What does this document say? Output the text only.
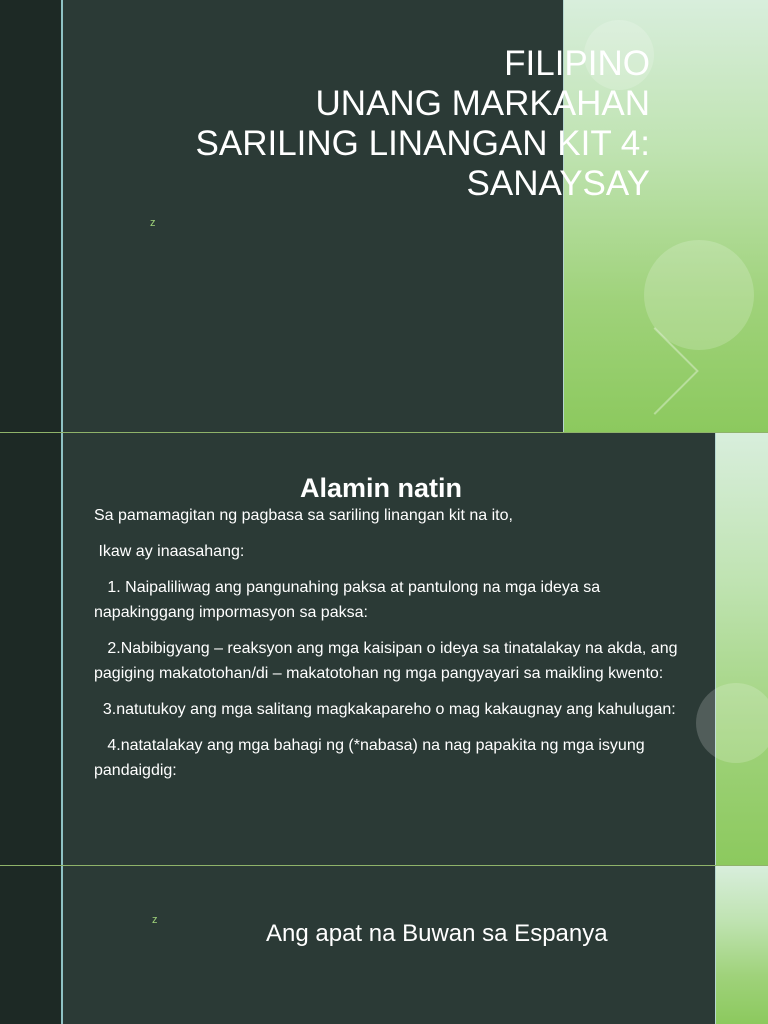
FILIPINO
UNANG MARKAHAN
SARILING LINANGAN KIT 4:
SANAYSAY
z
Alamin natin

Sa pamamagitan ng pagbasa sa sariling linangan kit na ito,

Ikaw ay inaasahang:

1. Naipaliliwag ang pangunahing paksa at pantulong na mga ideya sa napakinggang impormasyon sa paksa:

2.Nabibigyang – reaksyon ang mga kaisipan o ideya sa tinatalakay na akda, ang pagiging makatotohan/di – makatotohan ng mga pangyayari sa maikling kwento:

3.natutukoy ang mga salitang magkakapareho o mag kakaugnay ang kahulugan:

4.natatalakay ang mga bahagi ng (*nabasa) na nag papakita ng mga isyung pandaigdig:

z	Ang apat na Buwan sa Espanya
